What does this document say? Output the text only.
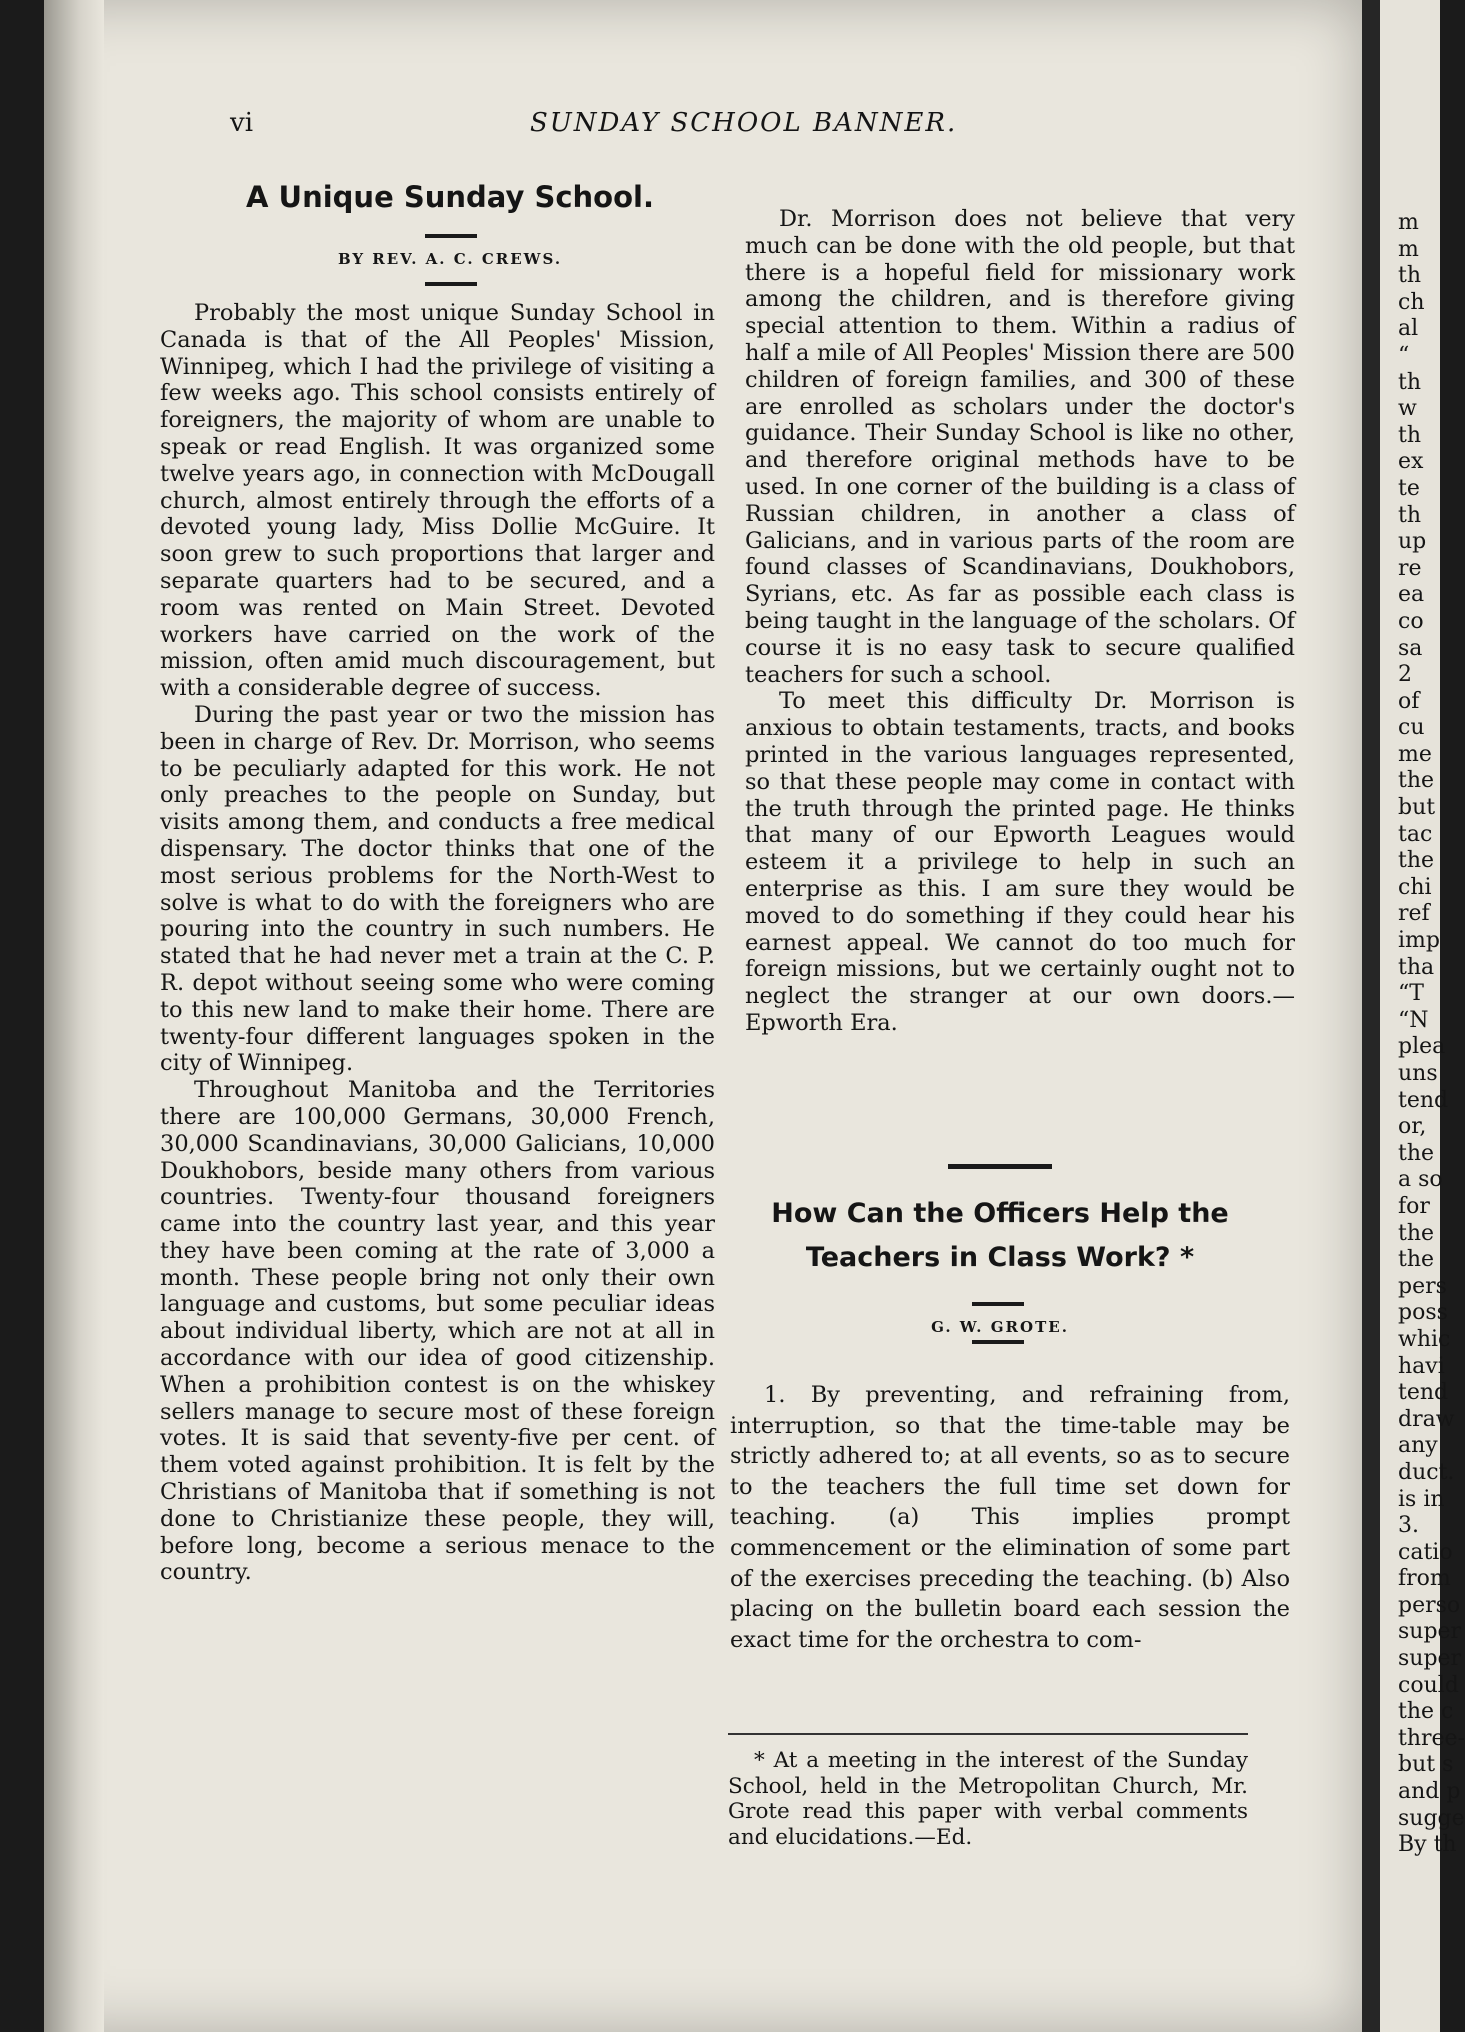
vi	SUNDAY SCHOOL BANNER.
A Unique Sunday School.
BY REV. A. C. CREWS.

Probably the most unique Sunday School in Canada is that of the All Peoples' Mission, Winnipeg, which I had the privilege of visiting a few weeks ago. This school consists entirely of foreigners, the majority of whom are unable to speak or read English. It was organized some twelve years ago, in connection with McDougall church, almost entirely through the efforts of a devoted young lady, Miss Dollie McGuire. It soon grew to such proportions that larger and separate quarters had to be secured, and a room was rented on Main Street. Devoted workers have carried on the work of the mission, often amid much discouragement, but with a considerable degree of success.

During the past year or two the mission has been in charge of Rev. Dr. Morrison, who seems to be peculiarly adapted for this work. He not only preaches to the people on Sunday, but visits among them, and conducts a free medical dispensary. The doctor thinks that one of the most serious problems for the North-West to solve is what to do with the foreigners who are pouring into the country in such numbers. He stated that he had never met a train at the C. P. R. depot without seeing some who were coming to this new land to make their home. There are twenty-four different languages spoken in the city of Winnipeg.

Throughout Manitoba and the Territories there are 100,000 Germans, 30,000 French, 30,000 Scandinavians, 30,000 Galicians, 10,000 Doukhobors, beside many others from various countries. Twenty-four thousand foreigners came into the country last year, and this year they have been coming at the rate of 3,000 a month. These people bring not only their own language and customs, but some peculiar ideas about individual liberty, which are not at all in accordance with our idea of good citizenship. When a prohibition contest is on the whiskey sellers manage to secure most of these foreign votes. It is said that seventy-five per cent. of them voted against prohibition. It is felt by the Christians of Manitoba that if something is not done to Christianize these people, they will, before long, become a serious menace to the country.

Dr. Morrison does not believe that very much can be done with the old people, but that there is a hopeful field for missionary work among the children, and is therefore giving special attention to them. Within a radius of half a mile of All Peoples' Mission there are 500 children of foreign families, and 300 of these are enrolled as scholars under the doctor's guidance. Their Sunday School is like no other, and therefore original methods have to be used. In one corner of the building is a class of Russian children, in another a class of Galicians, and in various parts of the room are found classes of Scandinavians, Doukhobors, Syrians, etc. As far as possible each class is being taught in the language of the scholars. Of course it is no easy task to secure qualified teachers for such a school.

To meet this difficulty Dr. Morrison is anxious to obtain testaments, tracts, and books printed in the various languages represented, so that these people may come in contact with the truth through the printed page. He thinks that many of our Epworth Leagues would esteem it a privilege to help in such an enterprise as this. I am sure they would be moved to do something if they could hear his earnest appeal. We cannot do too much for foreign missions, but we certainly ought not to neglect the stranger at our own doors.—Epworth Era.

How Can the Officers Help the
Teachers in Class Work? *
G. W. GROTE.

1. By preventing, and refraining from, interruption, so that the time-table may be strictly adhered to; at all events, so as to secure to the teachers the full time set down for teaching. (a) This implies prompt commencement or the elimination of some part of the exercises preceding the teaching. (b) Also placing on the bulletin board each session the exact time for the orchestra to com-

* At a meeting in the interest of the Sunday School, held in the Metropolitan Church, Mr. Grote read this paper with verbal comments and elucidations.—Ed.

m
m
th
ch
al
“
th
w
th
ex
te
th
up
re
ea
co
sa
2
of
cu
me
the
but
tac
the
chi
ref
imp
tha
“T
“N
plea
uns
tend
or,
the
a so
for
the
the
pers
poss
whic
havi
tend
draw
any
duct.
is in
3.
catio
from
perso
super
super
could
the c
three-
but s
and p
sugge
By th
